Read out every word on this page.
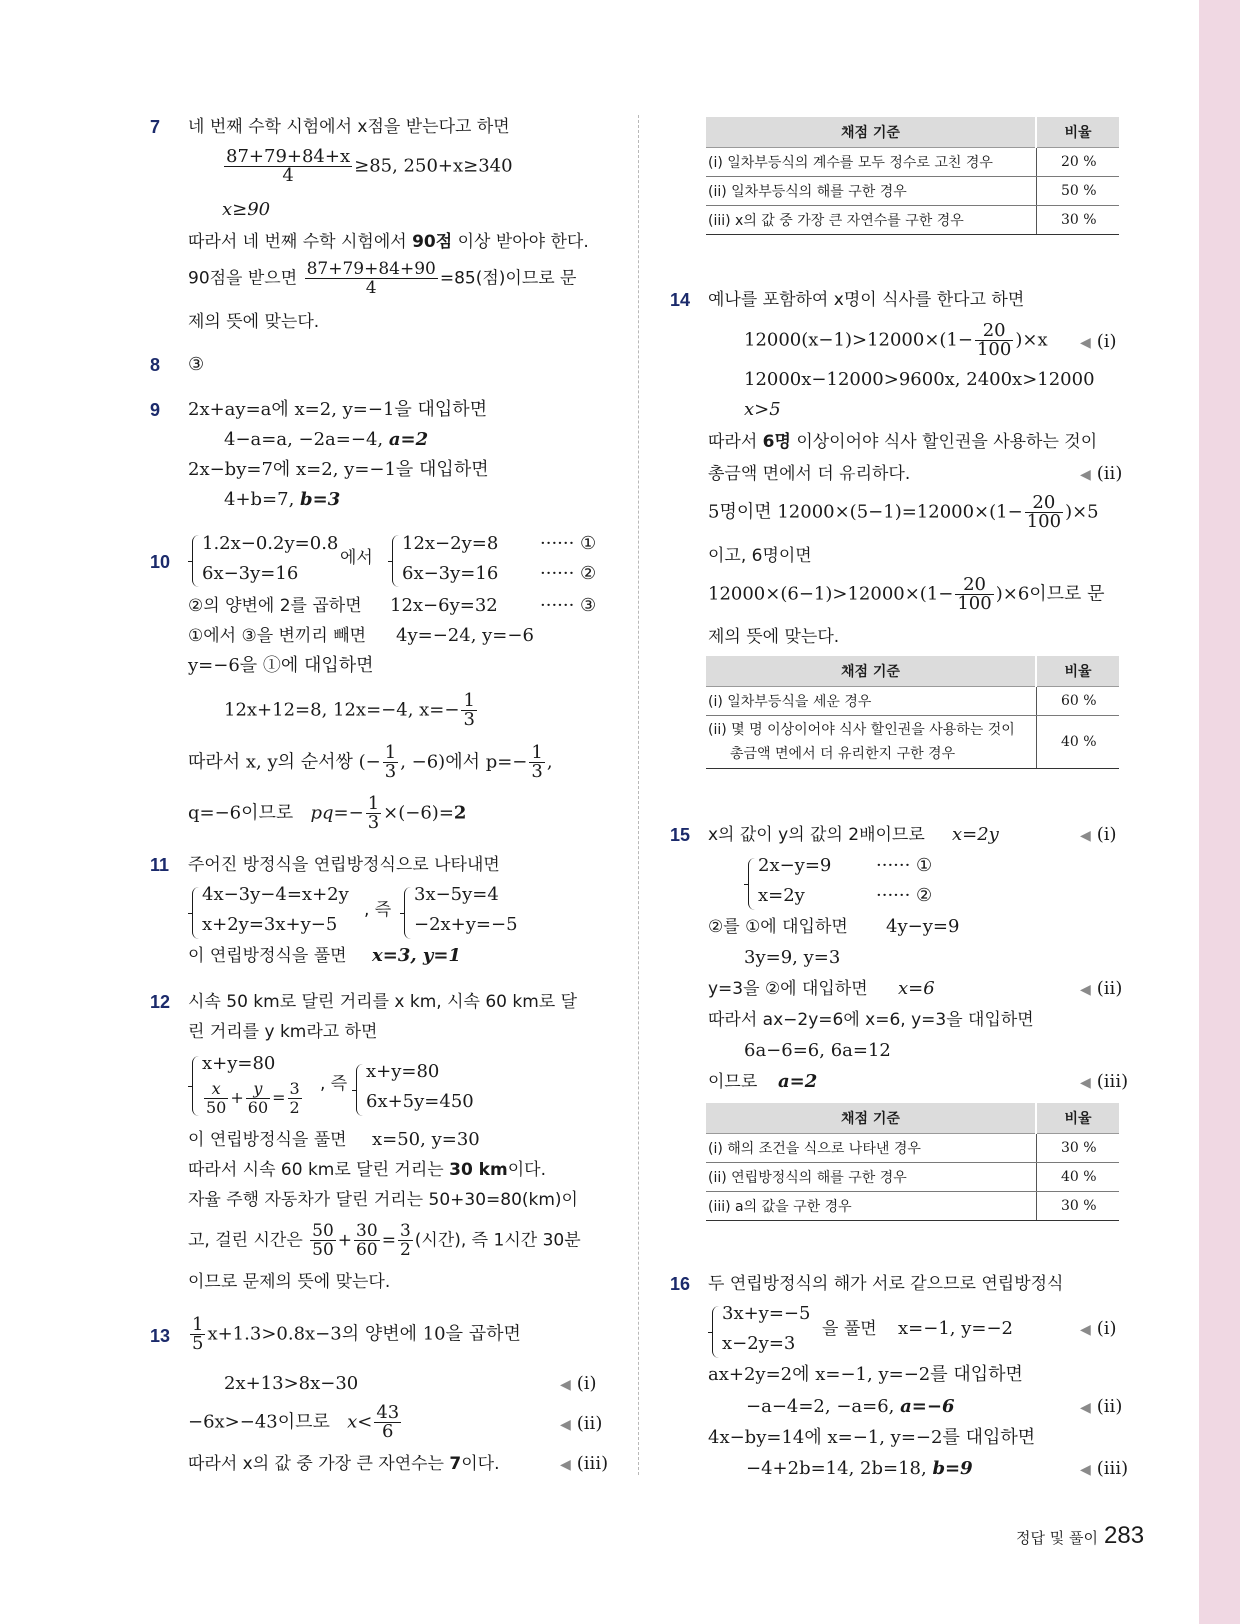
7 네 번째 수학 시험에서 x점을 받는다고 하면
$\frac{87+79+84+x}{4} \ge 85$, 250+x≥340
x≥90
따라서 네 번째 수학 시험에서 90점 이상 받아야 한다.
90점을 받으면 $\frac{87+79+84+90}{4} =85$(점)이므로 문
제의 뜻에 맞는다.
8 ③
9 2x+ay=a에 x=2, y=−1을 대입하면
4−a=a, −2a=−4, a=2
2x−by=7에 x=2, y=−1을 대입하면
4+b=7, b=3
10
1.2x−0.2y=0.8
6x−3y=16
에서
12x−2y=8
6x−3y=16
······ ①
······ ②
②의 양변에 2를 곱하면 12x−6y=32 ······ ③
①에서 ③을 변끼리 빼면 4y=−24, y=−6
y=−6을 ①에 대입하면
12x+12=8, 12x=−4, $x=- \frac{1}{3}$
따라서 x, y의 순서쌍 (− $\frac{1}{3}$ , −6)에서 $p=- \frac{1}{3}$ ,
q=−6이므로 $pq=- \frac{1}{3} \times(-6)=2$
11 주어진 방정식을 연립방정식으로 나타내면
4x−3y−4=x+2y
x+2y=3x+y−5
, 즉
3x−5y=4
−2x+y=−5
이 연립방정식을 풀면 x=3, y=1
12 시속 50 km로 달린 거리를 x km, 시속 60 km로 달
린 거리를 y km라고 하면
x+y=80
$\frac{x}{50} + \frac{y}{60} = \frac{3}{2}$ , 즉
x+y=80
6x+5y=450
이 연립방정식을 풀면 x=50, y=30
따라서 시속 60 km로 달린 거리는 30 km이다.
자율 주행 자동차가 달린 거리는 50+30=80(km)이
고, 걸린 시간은 $\frac{50}{50} + \frac{30}{60} = \frac{3}{2}$ (시간), 즉 1시간 30분
이므로 문제의 뜻에 맞는다.
$13 \frac{1}{5} x+1.3>0.8x-3$의 양변에 10을 곱하면
2x+13>8x−30	◀ (i)
−6x>−43이므로 $x< \frac{43}{6}$	◀ (ii)
따라서 x의 값 중 가장 큰 자연수는 7이다.	◀ (iii)
채점 기준	비율
(i) 일차부등식의 계수를 모두 정수로 고친 경우	20 %
(ii) 일차부등식의 해를 구한 경우	50 %
(iii) x의 값 중 가장 큰 자연수를 구한 경우	30 %
14 예나를 포함하여 x명이 식사를 한다고 하면
$12000(x-1)>12000\times(1- \frac{20}{100} )\times x$ ◀ (i)
12000x−12000>9600x, 2400x>12000
x>5
따라서 6명 이상이어야 식사 할인권을 사용하는 것이
총금액 면에서 더 유리하다.	◀ (ii)
5명이면 $12000\times(5-1)=12000\times(1- \frac{20}{100} )\times 5$
이고, 6명이면
$12000\times(6-1)>12000\times(1- \frac{20}{100} )\times 6$이므로 문
제의 뜻에 맞는다.
채점 기준	비율
(i) 일차부등식을 세운 경우	60 %

(ii) 몇 명 이상이어야 식사 할인권을 사용하는 것이
총금액 면에서 더 유리한지 구한 경우	40 %
15 x의 값이 y의 값의 2배이므로 x=2y	◀ (i)
2x−y=9
x=2y
······ ①
······ ②
②를 ①에 대입하면 4y−y=9
3y=9, y=3
y=3을 ②에 대입하면 x=6	◀ (ii)
따라서 ax−2y=6에 x=6, y=3을 대입하면
6a−6=6, 6a=12
이므로 a=2	◀ (iii)
채점 기준	비율
(i) 해의 조건을 식으로 나타낸 경우	30 %
(ii) 연립방정식의 해를 구한 경우	40 %
(iii) a의 값을 구한 경우	30 %
16 두 연립방정식의 해가 서로 같으므로 연립방정식
3x+y=−5
x−2y=3
을 풀면 x=−1, y=−2	◀ (i)
ax+2y=2에 x=−1, y=−2를 대입하면
−a−4=2, −a=6, a=−6	◀ (ii)
4x−by=14에 x=−1, y=−2를 대입하면
−4+2b=14, 2b=18, b=9	◀ (iii)
정답 및 풀이 283
